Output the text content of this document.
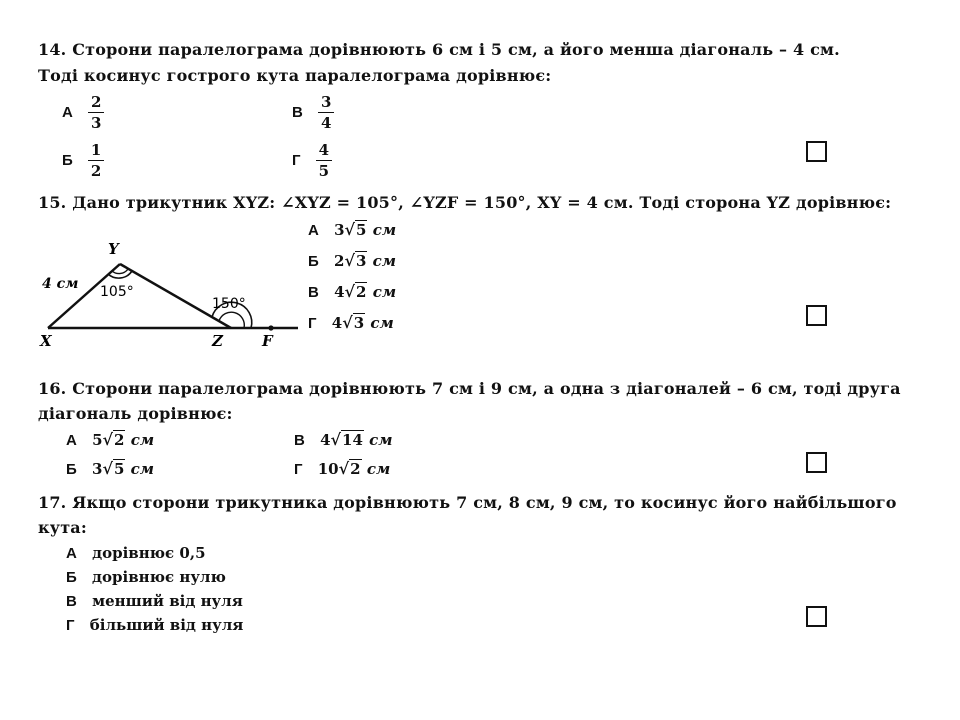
14. Сторони паралелограма дорівнюють 6 см і 5 см, а його менша діагональ – 4 см.
Тоді косинус гострого кута паралелограма дорівнює:
А $\frac{2}{3}$
Б $\frac{1}{2}$
В $\frac{3}{4}$
Г $\frac{4}{5}$
15. Дано трикутник XYZ: ∠XYZ = 105°, ∠YZF = 150°, XY = 4 см. Тоді сторона YZ дорівнює:
Y
X	Z	F
4 см 105°
150°
А 3√5 см
Б 2√3 см
В 4√2 см
Г 4√3 см
16. Сторони паралелограма дорівнюють 7 см і 9 см, а одна з діагоналей – 6 см, тоді друга
діагональ дорівнює:
А 5√2 см
Б 3√5 см
В 4√14 см
Г 10√2 см
17. Якщо сторони трикутника дорівнюють 7 см, 8 см, 9 см, то косинус його найбільшого
кута:
А дорівнює 0,5
Б дорівнює нулю
В менший від нуля
Г більший від нуля
